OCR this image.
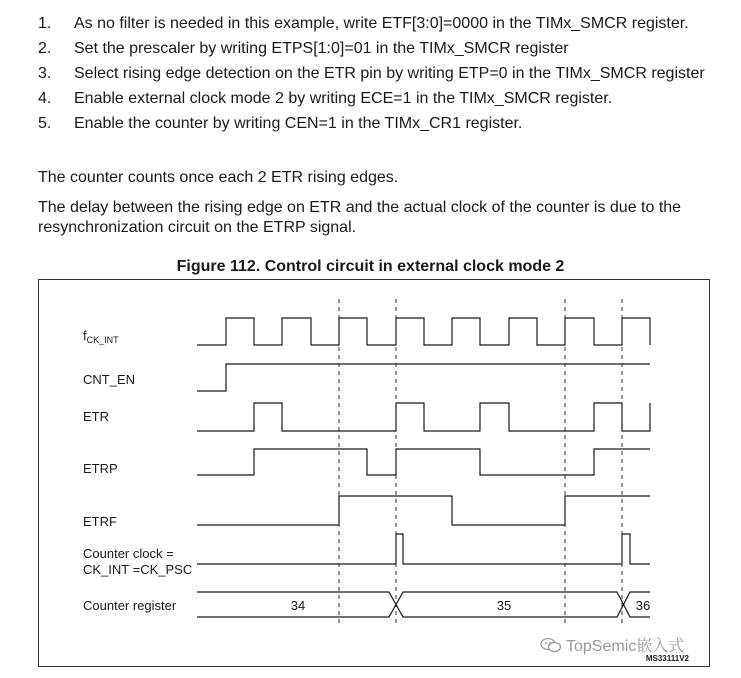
1. As no filter is needed in this example, write ETF[3:0]=0000 in the TIMx_SMCR register.
2. Set the prescaler by writing ETPS[1:0]=01 in the TIMx_SMCR register
3. Select rising edge detection on the ETR pin by writing ETP=0 in the TIMx_SMCR register
4. Enable external clock mode 2 by writing ECE=1 in the TIMx_SMCR register.
5. Enable the counter by writing CEN=1 in the TIMx_CR1 register.

The counter counts once each 2 ETR rising edges.

The delay between the rising edge on ETR and the actual clock of the counter is due to the resynchronization circuit on the ETRP signal.

Figure 112. Control circuit in external clock mode 2
$f_{CK\_INT}$
CNT_EN
ETR
ETRP
ETRF
Counter clock =
CK_INT =CK_PSC
Counter register	34	35	36
MS33111V2
TopSemic嵌入式
